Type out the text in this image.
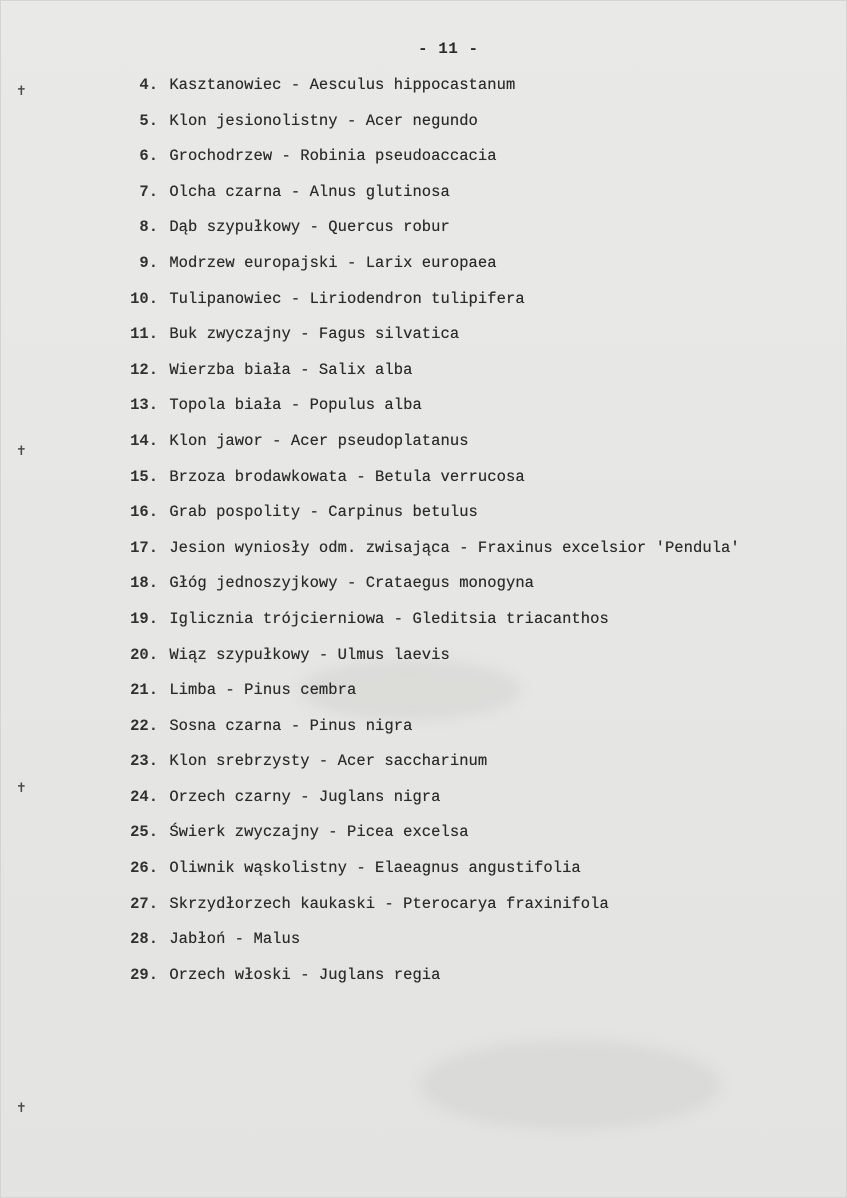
✝
✝
✝
✝
- 11 -
4.
Kasztanowiec - Aesculus hippocastanum
5.
Klon jesionolistny - Acer negundo
6.
Grochodrzew - Robinia pseudoaccacia
7.
Olcha czarna - Alnus glutinosa
8.
Dąb szypułkowy - Quercus robur
9.
Modrzew europajski - Larix europaea
10.
Tulipanowiec - Liriodendron tulipifera
11.
Buk zwyczajny - Fagus silvatica
12.
Wierzba biała - Salix alba
13.
Topola biała - Populus alba
14.
Klon jawor - Acer pseudoplatanus
15.
Brzoza brodawkowata - Betula verrucosa
16.
Grab pospolity - Carpinus betulus
17.
Jesion wyniosły odm. zwisająca - Fraxinus excelsior 'Pendula'
18.
Głóg jednoszyjkowy - Crataegus monogyna
19.
Iglicznia trójcierniowa - Gleditsia triacanthos
20.
Wiąz szypułkowy - Ulmus laevis
21.
Limba - Pinus cembra
22.
Sosna czarna - Pinus nigra
23.
Klon srebrzysty - Acer saccharinum
24.
Orzech czarny - Juglans nigra
25.
Świerk zwyczajny - Picea excelsa
26.
Oliwnik wąskolistny - Elaeagnus angustifolia
27.
Skrzydłorzech kaukaski - Pterocarya fraxinifola
28.
Jabłoń - Malus
29.
Orzech włoski - Juglans regia
